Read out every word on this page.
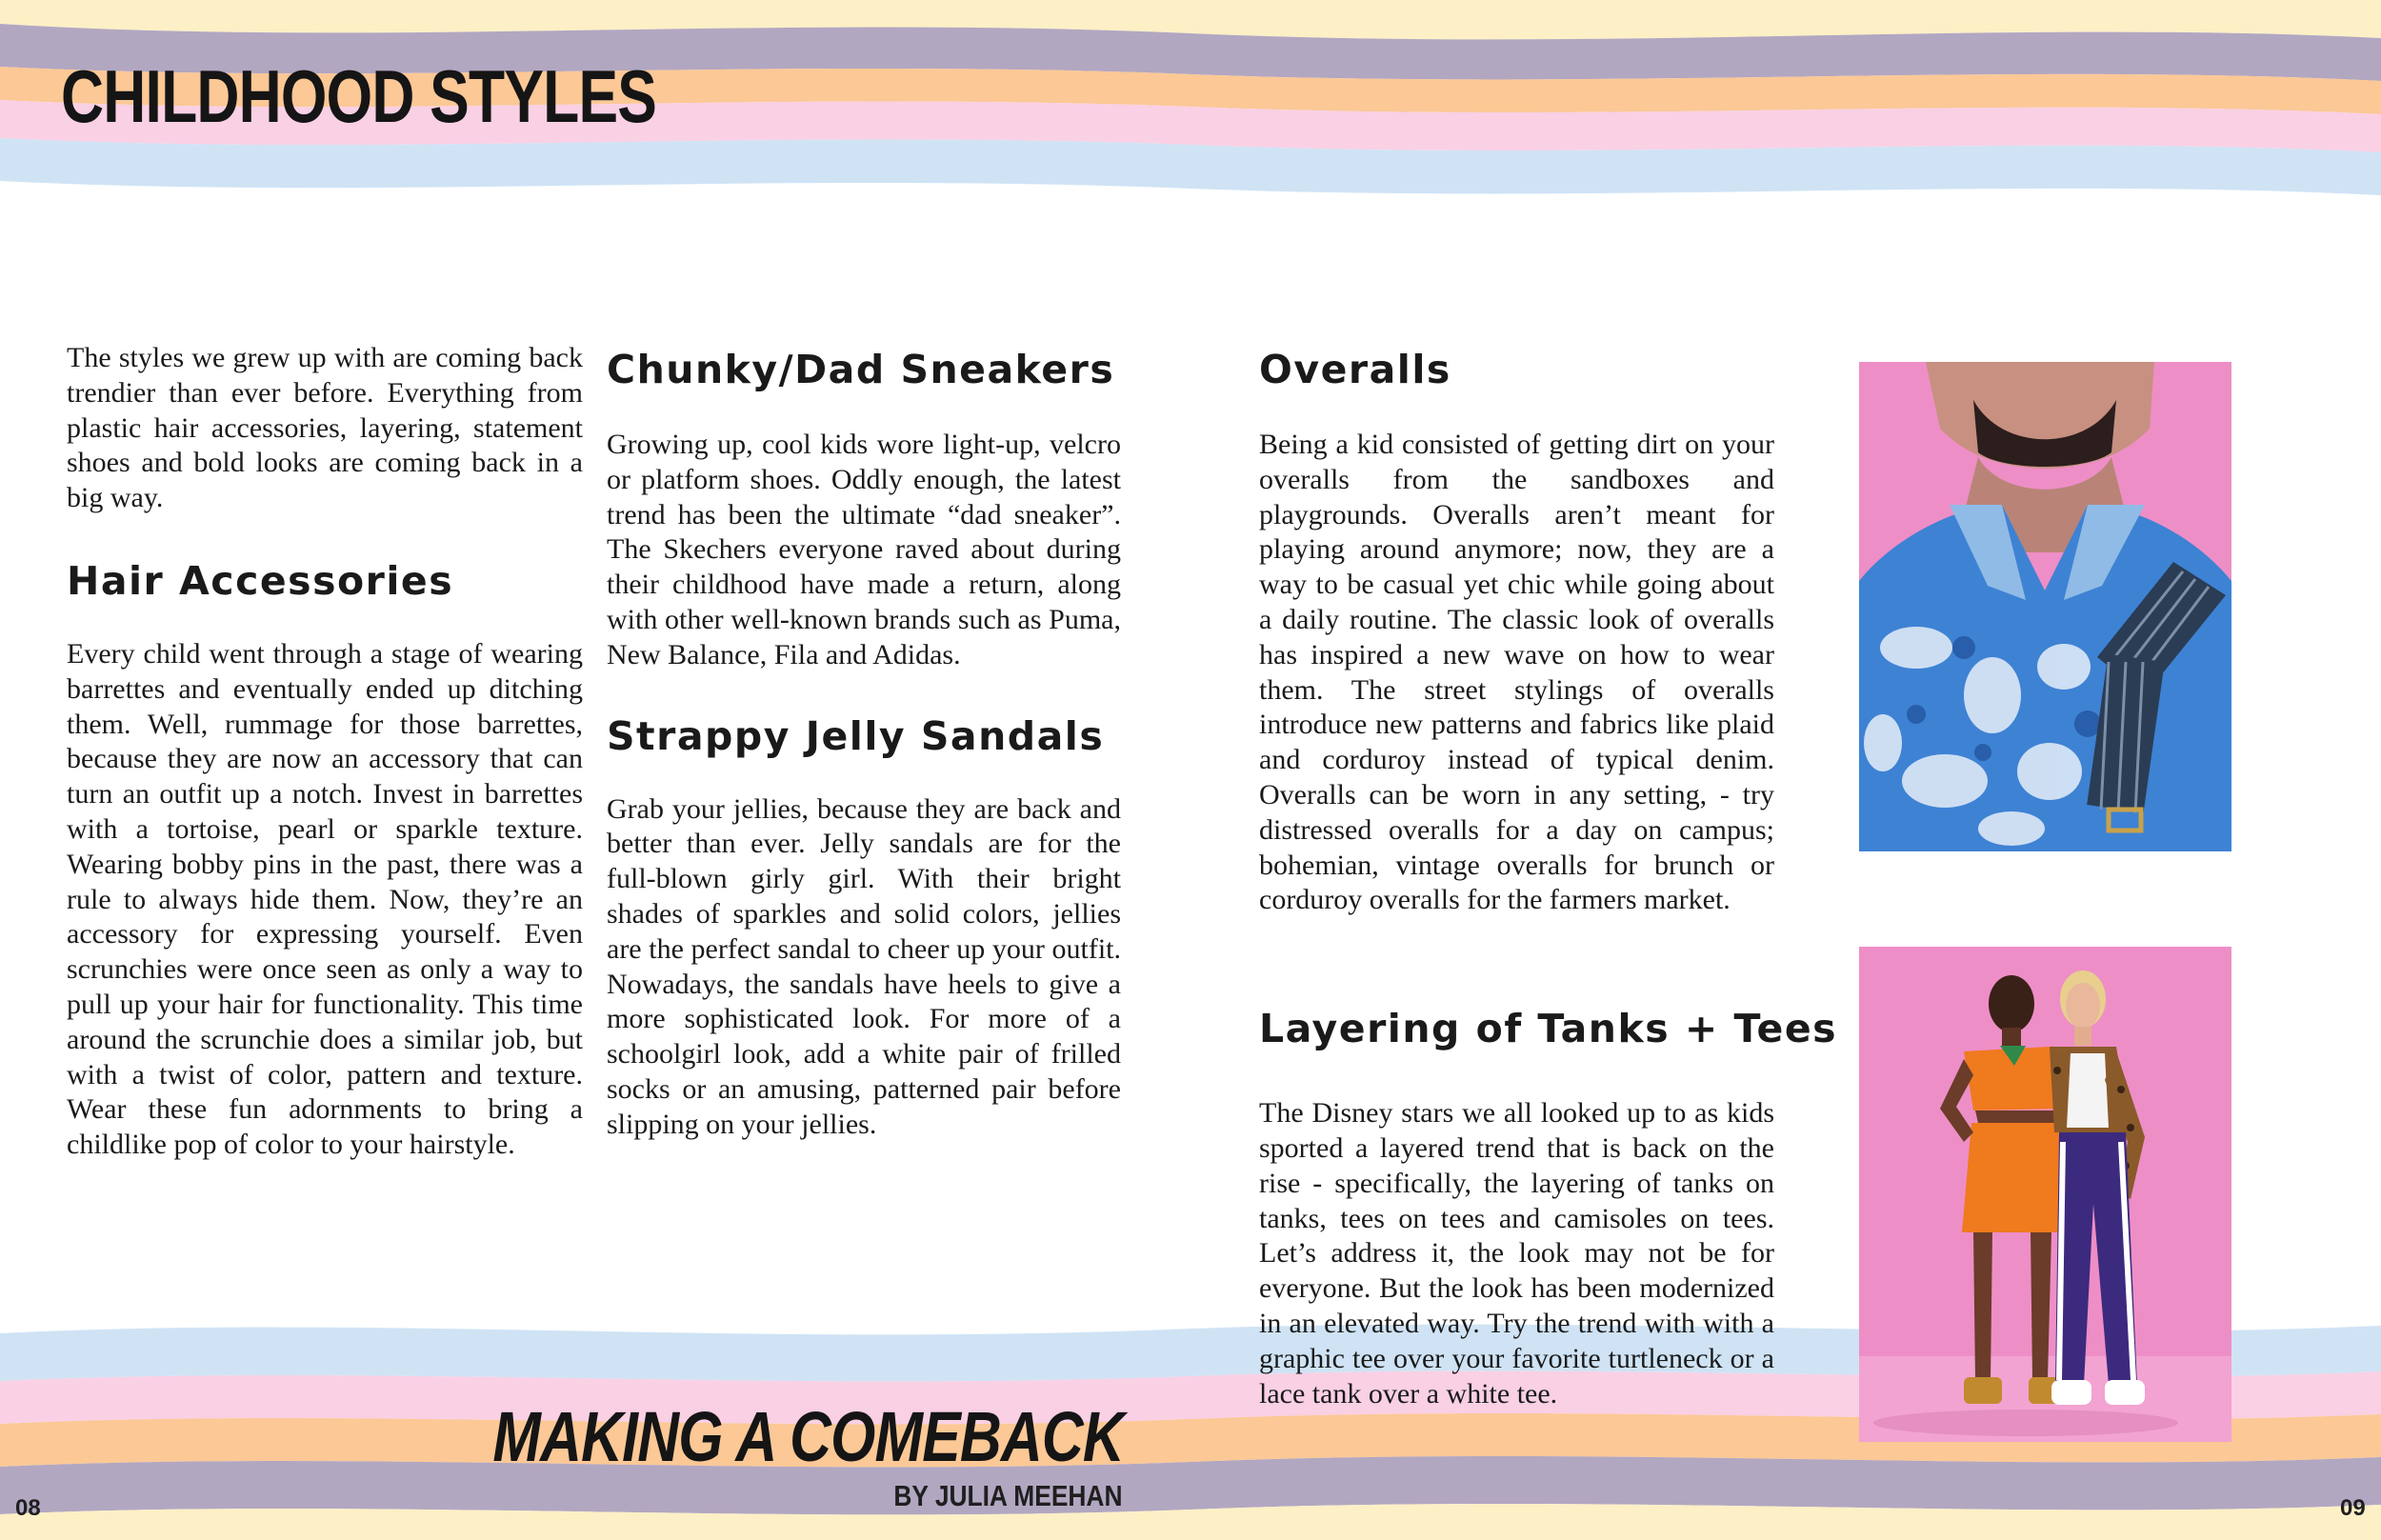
CHILDHOOD STYLES

The styles we grew up with are coming back trendier than ever before. Everything from plastic hair accessories, layering, statement shoes and bold looks are coming back in a big way.

Hair Accessories

Every child went through a stage of wearing barrettes and eventually ended up ditching them. Well, rummage for those barrettes, because they are now an accessory that can turn an outfit up a notch. Invest in barrettes with a tortoise, pearl or sparkle texture. Wearing bobby pins in the past, there was a rule to always hide them. Now, they’re an accessory for expressing yourself. Even scrunchies were once seen as only a way to pull up your hair for functionality. This time around the scrunchie does a similar job, but with a twist of color, pattern and texture. Wear these fun adornments to bring a childlike pop of color to your hairstyle.

Chunky/Dad Sneakers

Growing up, cool kids wore light-up, velcro or platform shoes. Oddly enough, the latest trend has been the ultimate “dad sneaker”. The Skechers everyone raved about during their childhood have made a return, along with other well-known brands such as Puma, New Balance, Fila and Adidas.

Strappy Jelly Sandals

Grab your jellies, because they are back and better than ever. Jelly sandals are for the full-blown girly girl. With their bright shades of sparkles and solid colors, jellies are the perfect sandal to cheer up your outfit. Nowadays, the sandals have heels to give a more sophisticated look. For more of a schoolgirl look, add a white pair of frilled socks or an amusing, patterned pair before slipping on your jellies.

Overalls

Being a kid consisted of getting dirt on your overalls from the sandboxes and playgrounds. Overalls aren’t meant for playing around anymore; now, they are a way to be casual yet chic while going about a daily routine. The classic look of overalls has inspired a new wave on how to wear them. The street stylings of overalls introduce new patterns and fabrics like plaid and corduroy instead of typical denim. Overalls can be worn in any setting, - try distressed overalls for a day on campus; bohemian, vintage overalls for brunch or corduroy overalls for the farmers market.

Layering of Tanks + Tees

The Disney stars we all looked up to as kids sported a layered trend that is back on the rise - specifically, the layering of tanks on tanks, tees on tees and camisoles on tees. Let’s address it, the look may not be for everyone. But the look has been modernized in an elevated way. Try the trend with with a graphic tee over your favorite turtleneck or a lace tank over a white tee.

MAKING A COMEBACK
BY JULIA MEEHAN
08	09
